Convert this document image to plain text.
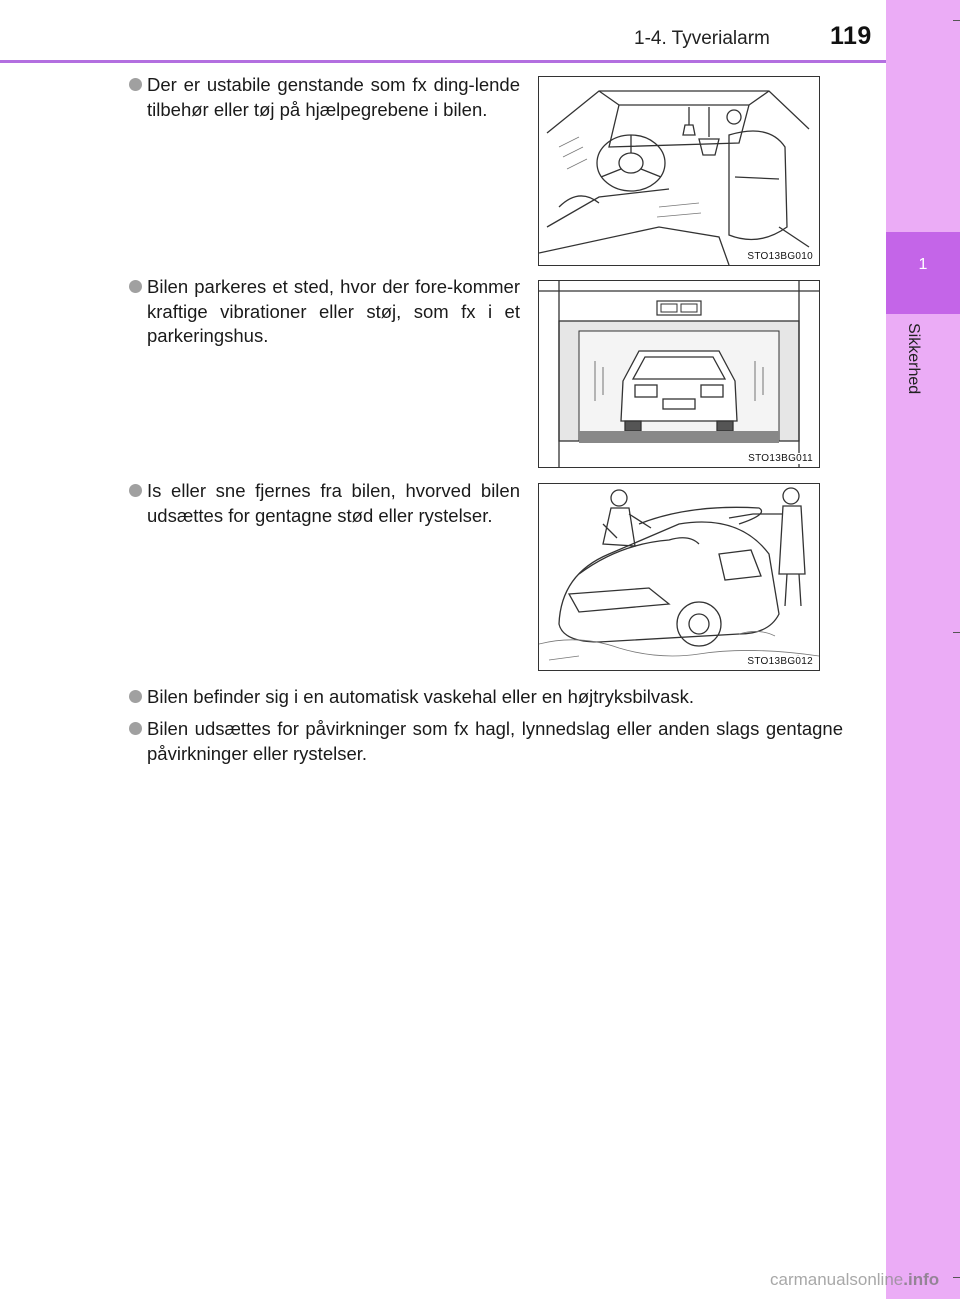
1-4. Tyverialarm 119
1
Sikkerhed
Der er ustabile genstande som fx ding-lende tilbehør eller tøj på hjælpegrebene i bilen.
STO13BG010
Bilen parkeres et sted, hvor der fore-kommer kraftige vibrationer eller støj, som fx i et parkeringshus.
STO13BG011
Is eller sne fjernes fra bilen, hvorved bilen udsættes for gentagne stød eller rystelser.
STO13BG012
Bilen befinder sig i en automatisk vaskehal eller en højtryksbilvask.
Bilen udsættes for påvirkninger som fx hagl, lynnedslag eller anden slags gentagne påvirkninger eller rystelser.
carmanualsonline.info
